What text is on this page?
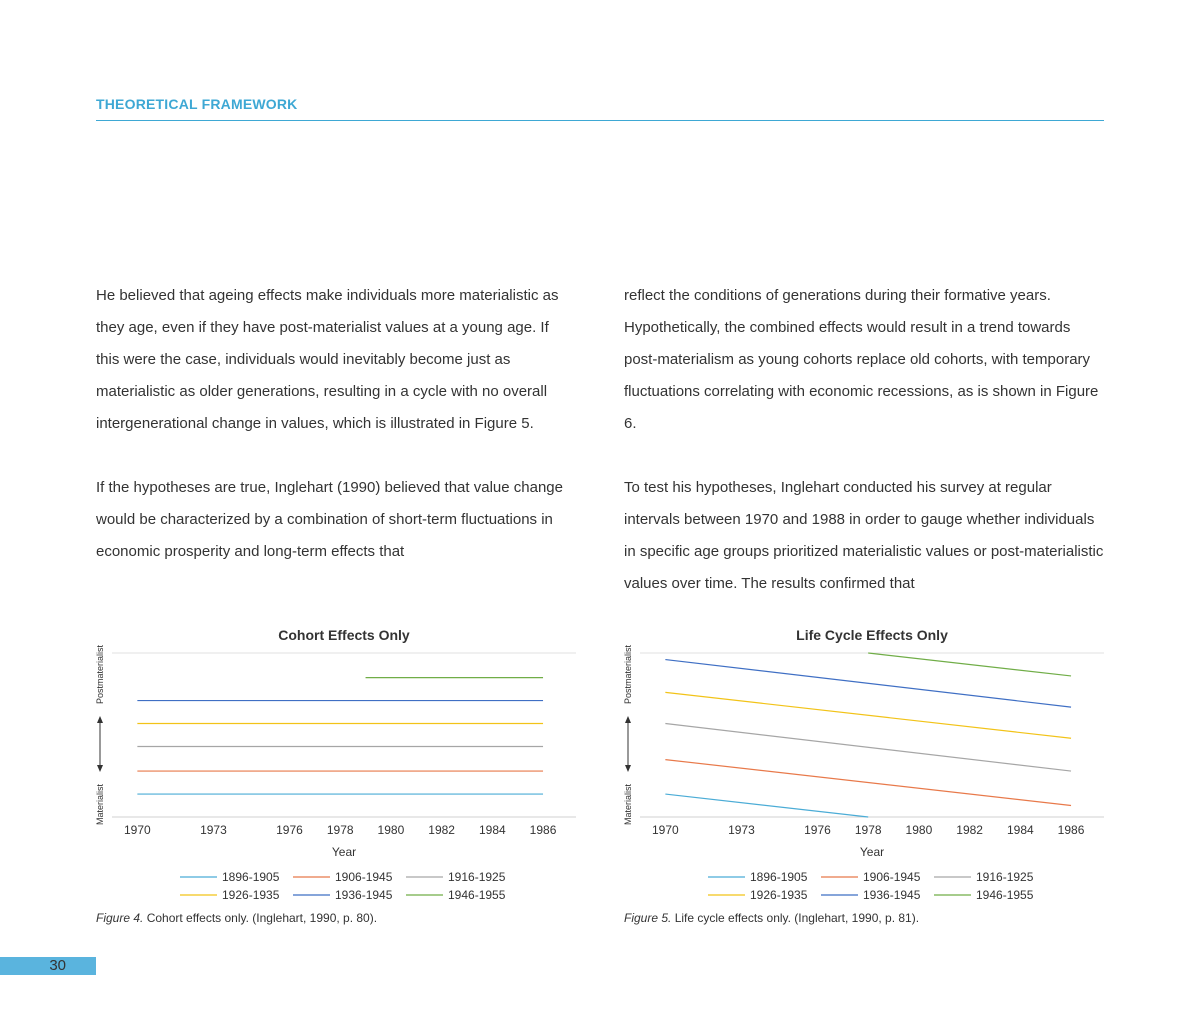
THEORETICAL FRAMEWORK

He believed that ageing effects make individuals more materialistic as they age, even if they have post-materialist values at a young age. If this were the case, individuals would inevitably become just as materialistic as older generations, resulting in a cycle with no overall intergenerational change in values, which is illustrated in Figure 5.

If the hypotheses are true, Inglehart (1990) believed that value change would be characterized by a combination of short-term fluctuations in economic prosperity and long-term effects that

reflect the conditions of generations during their formative years. Hypothetically, the combined effects would result in a trend towards post-materialism as young cohorts replace old cohorts, with temporary fluctuations correlating with economic recessions, as is shown in Figure 6.

To test his hypotheses, Inglehart conducted his survey at regular intervals between 1970 and 1988 in order to gauge whether individuals in specific age groups prioritized materialistic values or post-materialistic values over time. The results confirmed that

Cohort Effects Only
1970	1973	1976 1978 1980 1982 1984 1986
Year
Postmaterialist
Materialist
1896-1905	1906-1945	1916-1925
1926-1935	1936-1945	1946-1955
Life Cycle Effects Only
1970	1973	1976 1978 1980 1982 1984 1986
Year
Postmaterialist
Materialist
1896-1905	1906-1945	1916-1925
1926-1935	1936-1945	1946-1955
Figure 4. Cohort effects only. (Inglehart, 1990, p. 80).	Figure 5. Life cycle effects only. (Inglehart, 1990, p. 81).
30
